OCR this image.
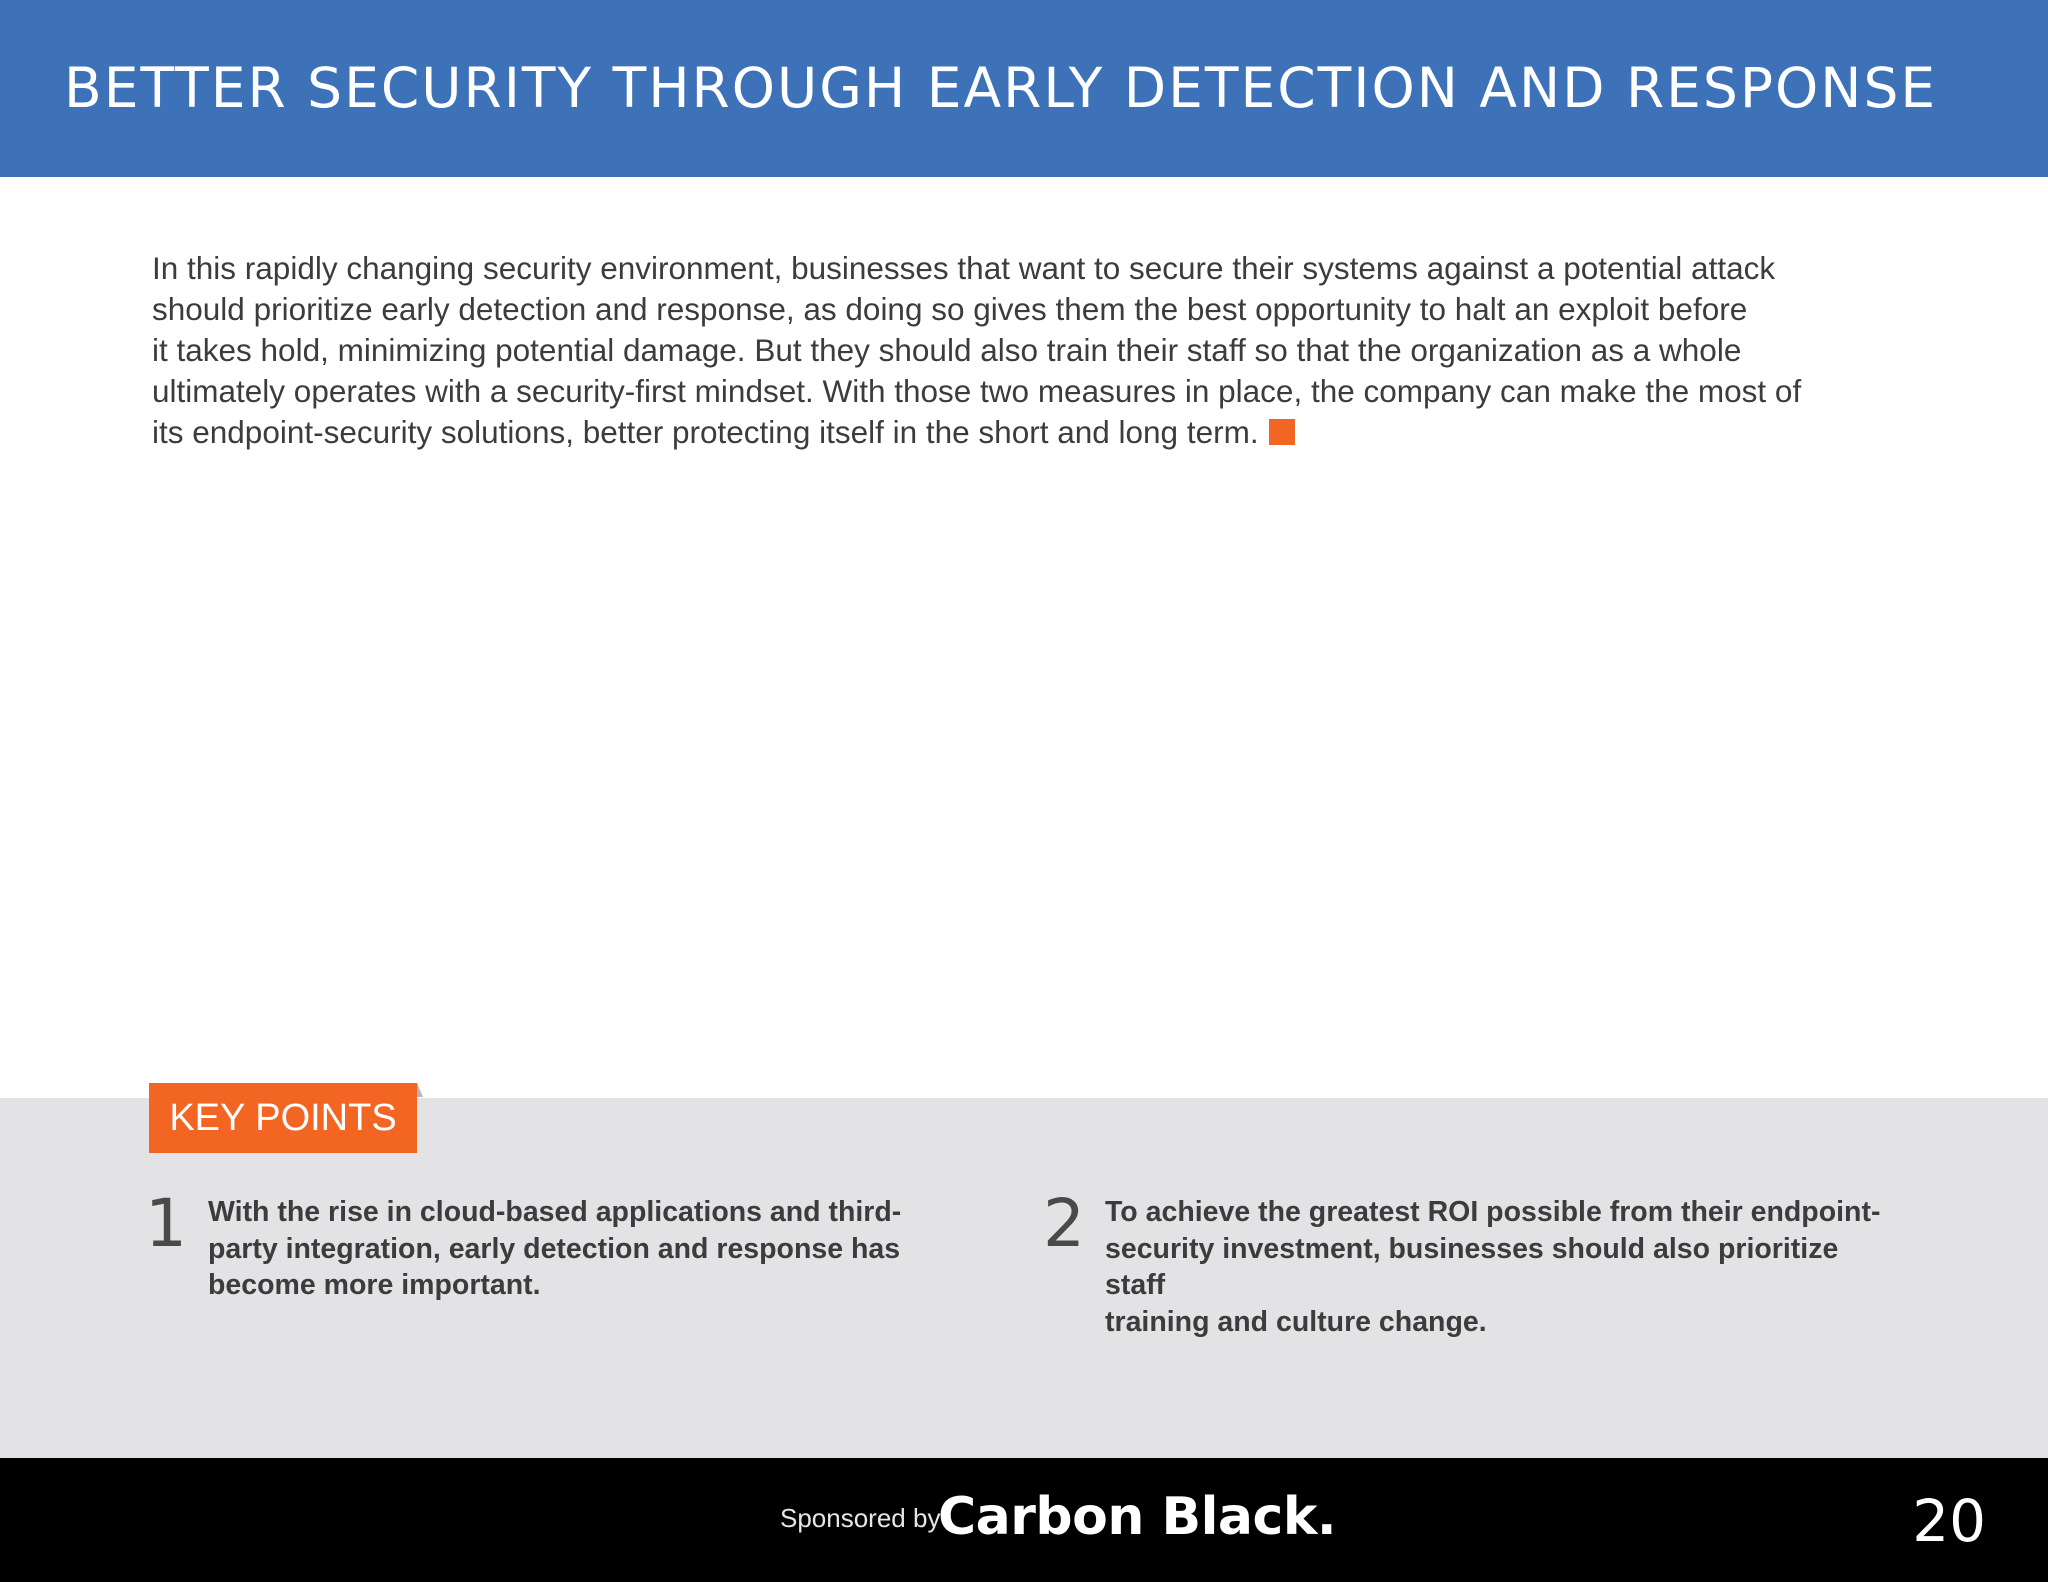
BETTER SECURITY THROUGH EARLY DETECTION AND RESPONSE

In this rapidly changing security environment, businesses that want to secure their systems against a potential attack
should prioritize early detection and response, as doing so gives them the best opportunity to halt an exploit before
it takes hold, minimizing potential damage. But they should also train their staff so that the organization as a whole
ultimately operates with a security-first mindset. With those two measures in place, the company can make the most of
its endpoint-security solutions, better protecting itself in the short and long term.

KEY POINTS
1 With the rise in cloud-based applications and third-
party integration, early detection and response has
become more important.
2 To achieve the greatest ROI possible from their endpoint-
security investment, businesses should also prioritize staff
training and culture change.
Sponsored by
Carbon Black.	20
